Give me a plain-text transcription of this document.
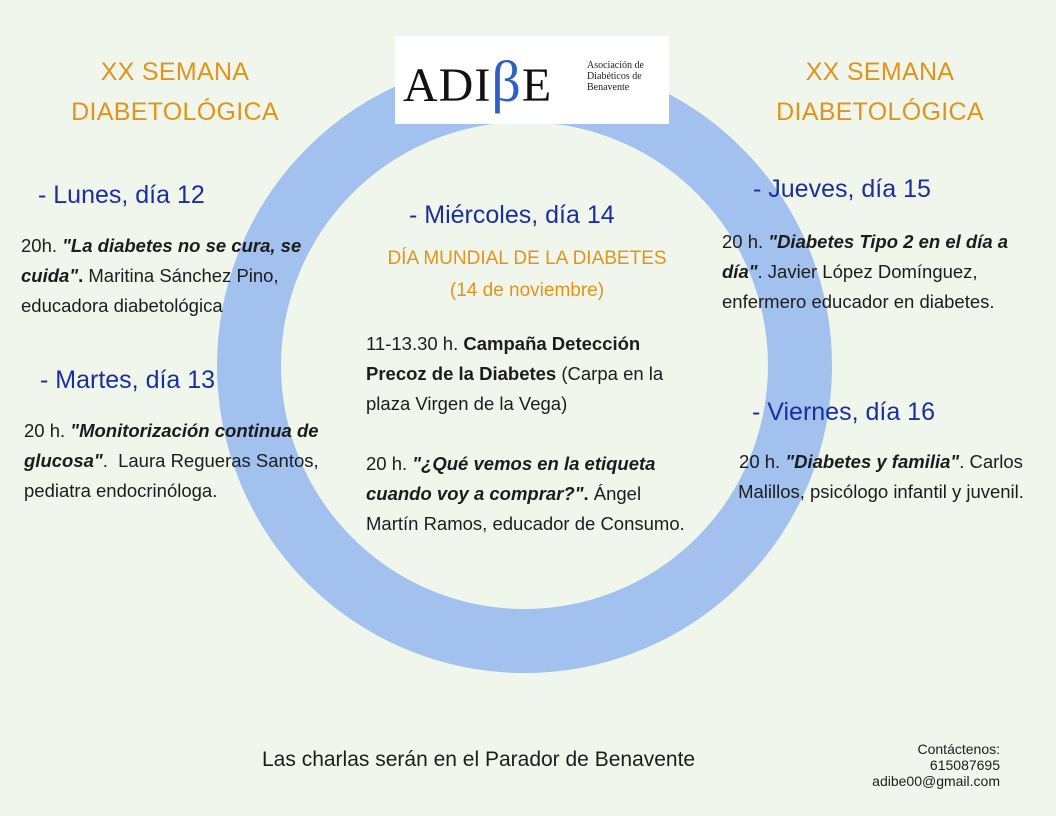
ADIβE	Asociación de
Diabéticos de
Benavente
XX SEMANA
DIABETOLÓGICA
XX SEMANA
DIABETOLÓGICA
- Lunes, día 12
20h. "La diabetes no se cura, se cuida". Maritina Sánchez Pino, educadora diabetológica
- Martes, día 13
20 h. "Monitorización continua de glucosa". Laura Regueras Santos, pediatra endocrinóloga.
- Miércoles, día 14
DÍA MUNDIAL DE LA DIABETES
(14 de noviembre)
11-13.30 h. Campaña Detección Precoz de la Diabetes (Carpa en la plaza Virgen de la Vega)
20 h. "¿Qué vemos en la etiqueta cuando voy a comprar?". Ángel Martín Ramos, educador de Consumo.
- Jueves, día 15
20 h. "Diabetes Tipo 2 en el día a día". Javier López Domínguez, enfermero educador en diabetes.
- Viernes, día 16
20 h. "Diabetes y familia". Carlos Malillos, psicólogo infantil y juvenil.
Las charlas serán en el Parador de Benavente	Contáctenos:
615087695
adibe00@gmail.com
